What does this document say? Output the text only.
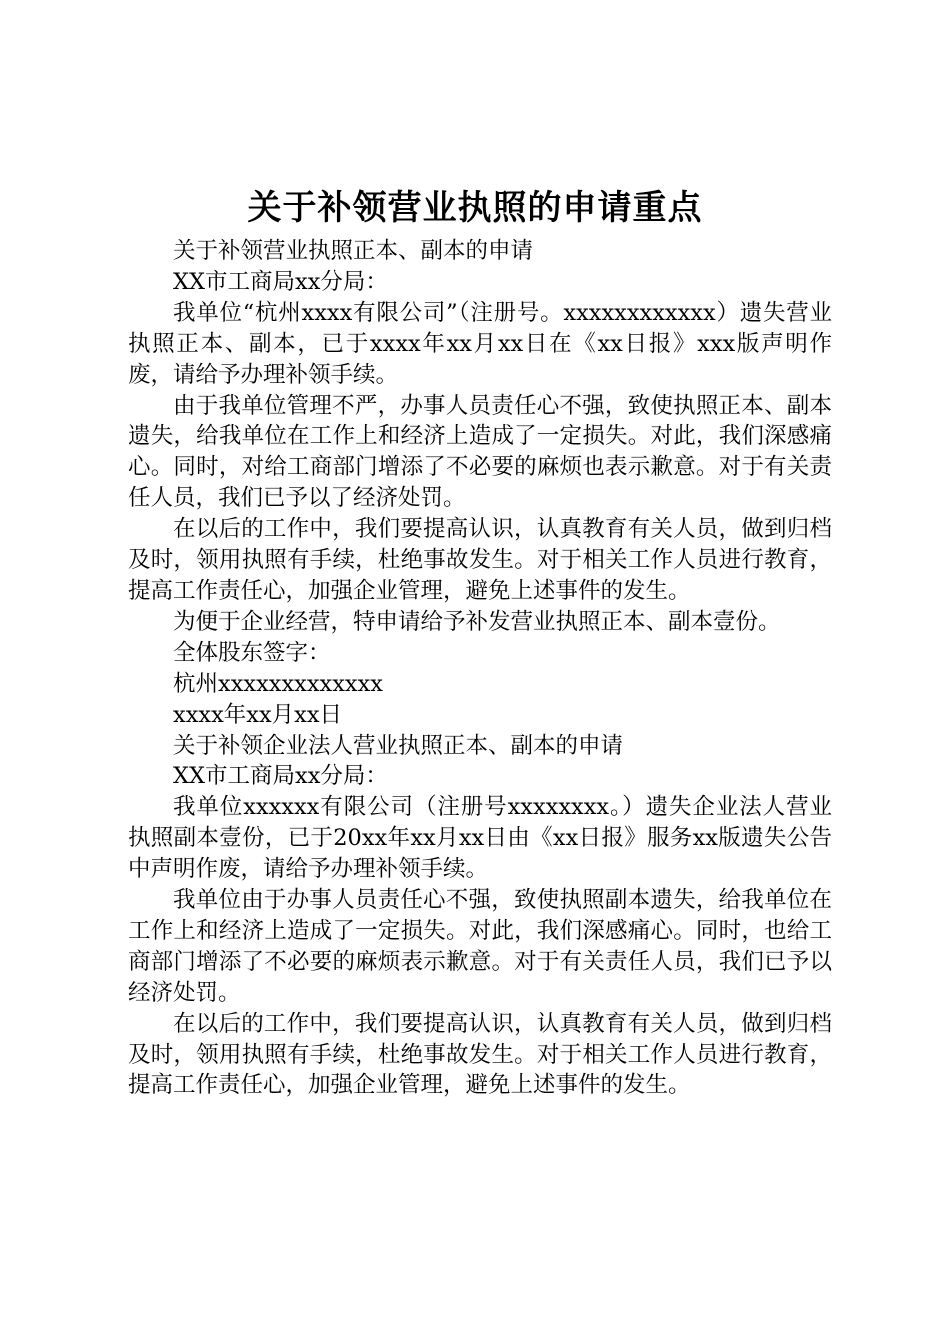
关于补领营业执照的申请重点

关于补领营业执照正本、副本的申请

XX市工商局xx分局：

我单位“杭州xxxx有限公司”（注册号。xxxxxxxxxxxx）遗失营业执照正本、副本，已于xxxx年xx月xx日在《xx日报》xxx版声明作废，请给予办理补领手续。

由于我单位管理不严，办事人员责任心不强，致使执照正本、副本遗失，给我单位在工作上和经济上造成了一定损失。对此，我们深感痛心。同时，对给工商部门增添了不必要的麻烦也表示歉意。对于有关责任人员，我们已予以了经济处罚。

在以后的工作中，我们要提高认识，认真教育有关人员，做到归档及时，领用执照有手续，杜绝事故发生。对于相关工作人员进行教育，提高工作责任心，加强企业管理，避免上述事件的发生。

为便于企业经营，特申请给予补发营业执照正本、副本壹份。

全体股东签字：

杭州xxxxxxxxxxxxx

xxxx年xx月xx日

关于补领企业法人营业执照正本、副本的申请

XX市工商局xx分局：

我单位xxxxxx有限公司（注册号xxxxxxxx。）遗失企业法人营业执照副本壹份，已于20xx年xx月xx日由《xx日报》服务xx版遗失公告中声明作废，请给予办理补领手续。

我单位由于办事人员责任心不强，致使执照副本遗失，给我单位在工作上和经济上造成了一定损失。对此，我们深感痛心。同时，也给工商部门增添了不必要的麻烦表示歉意。对于有关责任人员，我们已予以经济处罚。

在以后的工作中，我们要提高认识，认真教育有关人员，做到归档及时，领用执照有手续，杜绝事故发生。对于相关工作人员进行教育，提高工作责任心，加强企业管理，避免上述事件的发生。
